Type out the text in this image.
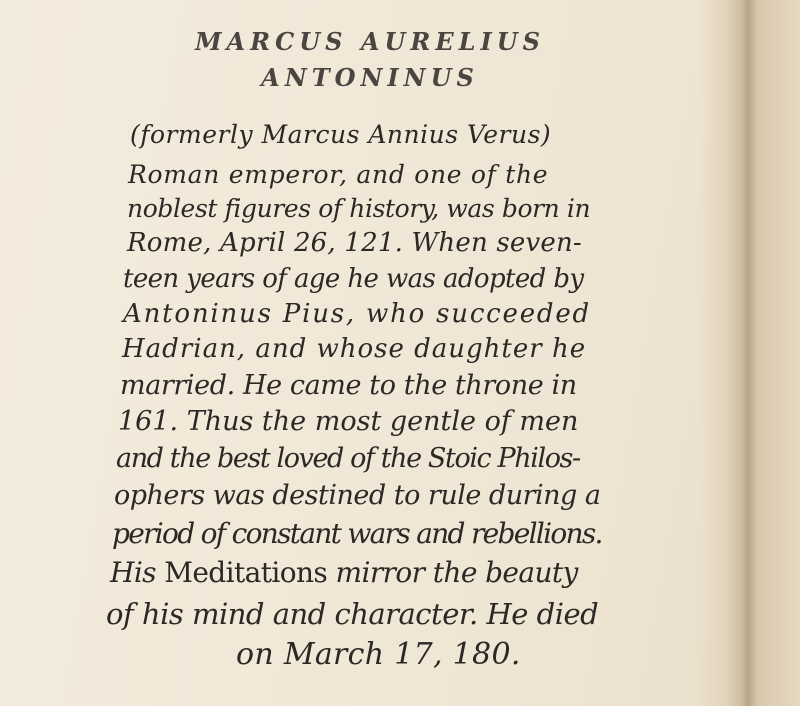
MARCUS AURELIUS
ANTONINUS

(formerly Marcus Annius Verus)

Roman emperor, and one of the

noblest figures of history, was born in

Rome, April 26, 121. When seven-

teen years of age he was adopted by

Antoninus Pius, who succeeded

Hadrian, and whose daughter he

married. He came to the throne in

161. Thus the most gentle of men

and the best loved of the Stoic Philos-

ophers was destined to rule during a

period of constant wars and rebellions.

His Meditations mirror the beauty

of his mind and character. He died

on March 17, 180.
